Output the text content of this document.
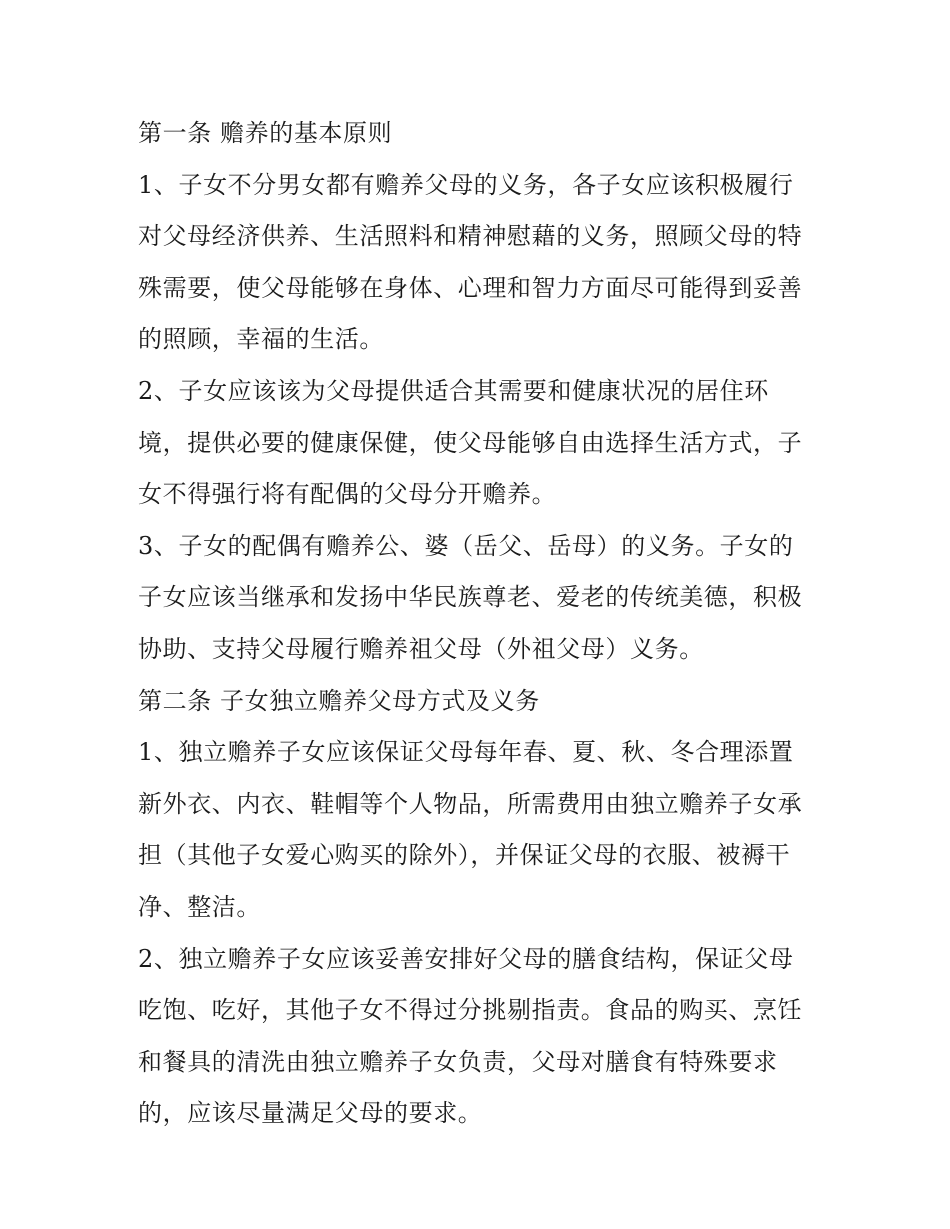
第一条 赡养的基本原则
1、子女不分男女都有赡养父母的义务，各子女应该积极履行
对父母经济供养、生活照料和精神慰藉的义务，照顾父母的特
殊需要，使父母能够在身体、心理和智力方面尽可能得到妥善
的照顾，幸福的生活。
2、子女应该该为父母提供适合其需要和健康状况的居住环
境，提供必要的健康保健，使父母能够自由选择生活方式，子
女不得强行将有配偶的父母分开赡养。
3、子女的配偶有赡养公、婆（岳父、岳母）的义务。子女的
子女应该当继承和发扬中华民族尊老、爱老的传统美德，积极
协助、支持父母履行赡养祖父母（外祖父母）义务。
第二条 子女独立赡养父母方式及义务
1、独立赡养子女应该保证父母每年春、夏、秋、冬合理添置
新外衣、内衣、鞋帽等个人物品，所需费用由独立赡养子女承
担（其他子女爱心购买的除外），并保证父母的衣服、被褥干
净、整洁。
2、独立赡养子女应该妥善安排好父母的膳食结构，保证父母
吃饱、吃好，其他子女不得过分挑剔指责。食品的购买、烹饪
和餐具的清洗由独立赡养子女负责，父母对膳食有特殊要求
的，应该尽量满足父母的要求。
